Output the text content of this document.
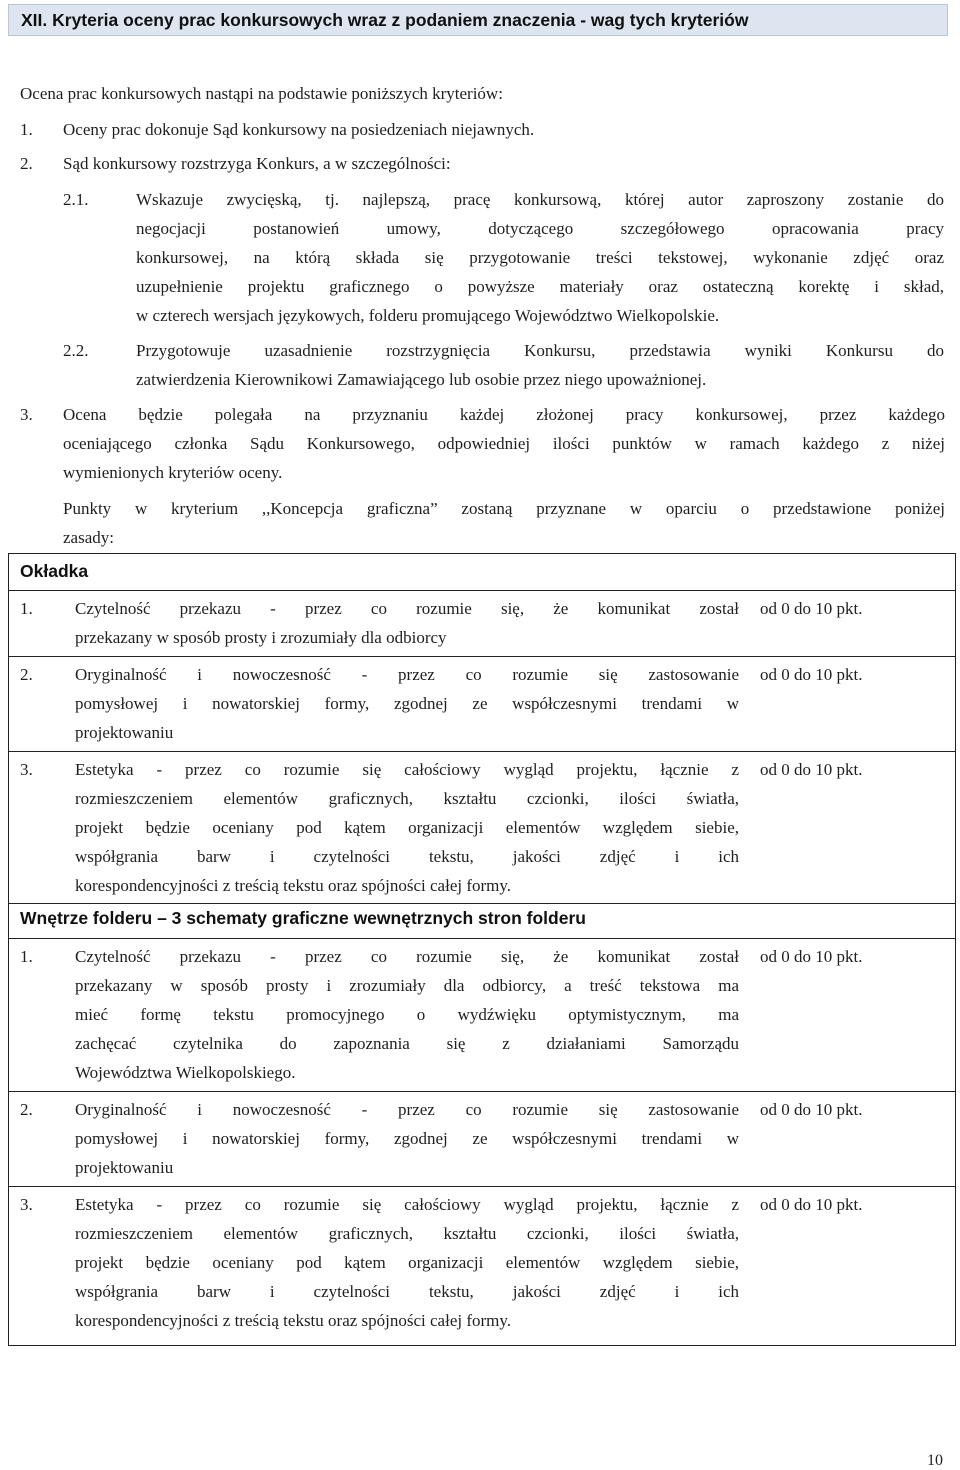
XII. Kryteria oceny prac konkursowych wraz z podaniem znaczenia - wag tych kryteriów
Ocena prac konkursowych nastąpi na podstawie poniższych kryteriów:
1. Oceny prac dokonuje Sąd konkursowy na posiedzeniach niejawnych.
2. Sąd konkursowy rozstrzyga Konkurs, a w szczególności:
2.1.	Wskazuje zwycięską, tj. najlepszą, pracę konkursową, której autor zaproszony zostanie do
negocjacji postanowień umowy, dotyczącego szczegółowego opracowania pracy
konkursowej, na którą składa się przygotowanie treści tekstowej, wykonanie zdjęć oraz
uzupełnienie projektu graficznego o powyższe materiały oraz ostateczną korektę i skład,
w czterech wersjach językowych, folderu promującego Województwo Wielkopolskie.
2.2.	Przygotowuje uzasadnienie rozstrzygnięcia Konkursu, przedstawia wyniki Konkursu do
zatwierdzenia Kierownikowi Zamawiającego lub osobie przez niego upoważnionej.
3. Ocena będzie polegała na przyznaniu każdej złożonej pracy konkursowej, przez każdego
oceniającego członka Sądu Konkursowego, odpowiedniej ilości punktów w ramach każdego z niżej
wymienionych kryteriów oceny.
Punkty w kryterium ,,Koncepcja graficzna” zostaną przyznane w oparciu o przedstawione poniżej
zasady:
Okładka
1. Czytelność przekazu - przez co rozumie się, że komunikat został
przekazany w sposób prosty i zrozumiały dla odbiorcy
od 0 do 10 pkt.
2. Oryginalność i nowoczesność - przez co rozumie się zastosowanie
pomysłowej i nowatorskiej formy, zgodnej ze współczesnymi trendami w
projektowaniu
od 0 do 10 pkt.
3. Estetyka - przez co rozumie się całościowy wygląd projektu, łącznie z
rozmieszczeniem elementów graficznych, kształtu czcionki, ilości światła,
projekt będzie oceniany pod kątem organizacji elementów względem siebie,
współgrania barw i czytelności tekstu, jakości zdjęć i ich
korespondencyjności z treścią tekstu oraz spójności całej formy.
od 0 do 10 pkt.
Wnętrze folderu – 3 schematy graficzne wewnętrznych stron folderu
1. Czytelność przekazu - przez co rozumie się, że komunikat został
przekazany w sposób prosty i zrozumiały dla odbiorcy, a treść tekstowa ma
mieć formę tekstu promocyjnego o wydźwięku optymistycznym, ma
zachęcać czytelnika do zapoznania się z działaniami Samorządu
Województwa Wielkopolskiego.
od 0 do 10 pkt.
2. Oryginalność i nowoczesność - przez co rozumie się zastosowanie
pomysłowej i nowatorskiej formy, zgodnej ze współczesnymi trendami w
projektowaniu
od 0 do 10 pkt.
3. Estetyka - przez co rozumie się całościowy wygląd projektu, łącznie z
rozmieszczeniem elementów graficznych, kształtu czcionki, ilości światła,
projekt będzie oceniany pod kątem organizacji elementów względem siebie,
współgrania barw i czytelności tekstu, jakości zdjęć i ich
korespondencyjności z treścią tekstu oraz spójności całej formy.
od 0 do 10 pkt.
10
